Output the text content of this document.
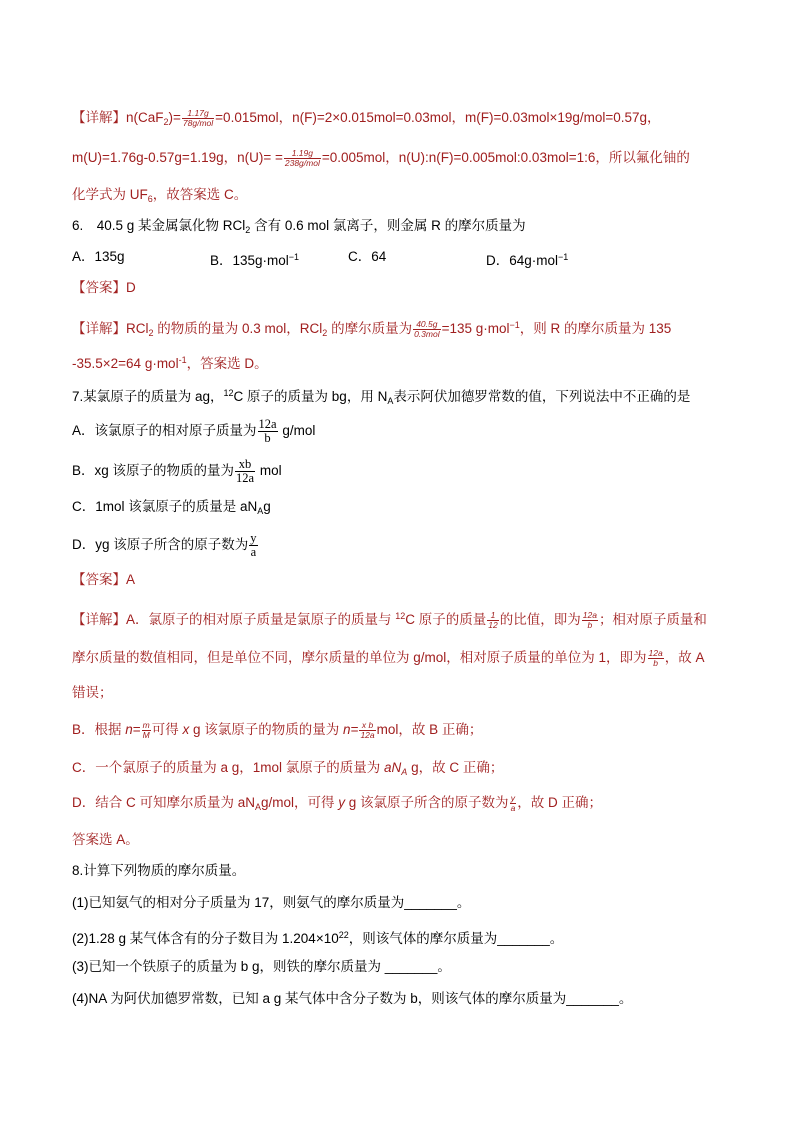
【详解】$n(CaF_2)= \frac{1.17g}{\text{78g/mol}} =0.015mol$，n(F)=2×0.015mol=0.03mol，m(F)=0.03mol×19g/mol=0.57g，
m(U)=1.76g-0.57g=1.19g，$n(U)= = \frac{1.19g}{\text{238g/mol}} =0.005mol$，n(U):n(F)=0.005mol:0.03mol=1:6，所以氟化铀的
化学式为 $UF_6$，故答案选 C。
6.　40.5 g 某金属氯化物 RCl$_2$ 含有 0.6 mol 氯离子，则金属 R 的摩尔质量为
A．135g	B．135g·mol$^{-1}$	C．64	D．64g·mol$^{-1}$
【答案】D
【详解】RCl$_2$ 的物质的量为 0.3 mol，RCl$_2$ 的摩尔质量为 $\frac{40.5g}{\text{0.3mol}} =135$ g·mol$^{-1}$，则 R 的摩尔质量为 135
-35.5×2=64 g·mol$^{-1}$，答案选 D。
7.某氯原子的质量为 ag，$^{12}$C 原子的质量为 bg，用 $N_A$表示阿伏加德罗常数的值，下列说法中不正确的是
A．该氯原子的相对原子质量为 $\frac{12a}{b} g/mol$
B．xg 该原子的物质的量为 $\frac{xb}{12a}$ mol
C．1mol 该氯原子的质量是 $aN_Ag$
D．yg 该原子所含的原子数为 $\frac{y}{a}$
【答案】A
【详解】A．氯原子的相对原子质量是氯原子的质量与 $^{12}$C 原子的质量 $\frac{1}{12}$ 的比值，即为 $\frac{12a}{b}$ ；相对原子质量和
摩尔质量的数值相同，但是单位不同，摩尔质量的单位为 g/mol，相对原子质量的单位为 1，即为 $\frac{12a}{b}$ ，故 A
错误；
B．根据 $n= \frac{m}{M}$ 可得 x g 该氯原子的物质的量为 $n= \frac{\text{x b}}{12a}$ mol，故 B 正确；
C．一个氯原子的质量为 a g，1mol 氯原子的质量为 $aN_A$ g，故 C 正确；
D．结合 C 可知摩尔质量为 $aN_Ag$/mol，可得 y g 该氯原子所含的原子数为 $\frac{y}{a}$ ，故 D 正确；
答案选 A。
8.计算下列物质的摩尔质量。
(1)已知氨气的相对分子质量为 17，则氨气的摩尔质量为_______。
(2)1.28 g 某气体含有的分子数目为 $1.204\times 10^{22}$，则该气体的摩尔质量为_______。
(3)已知一个铁原子的质量为 b g，则铁的摩尔质量为 _______。
(4)NA 为阿伏加德罗常数，已知 a g 某气体中含分子数为 b，则该气体的摩尔质量为_______。
